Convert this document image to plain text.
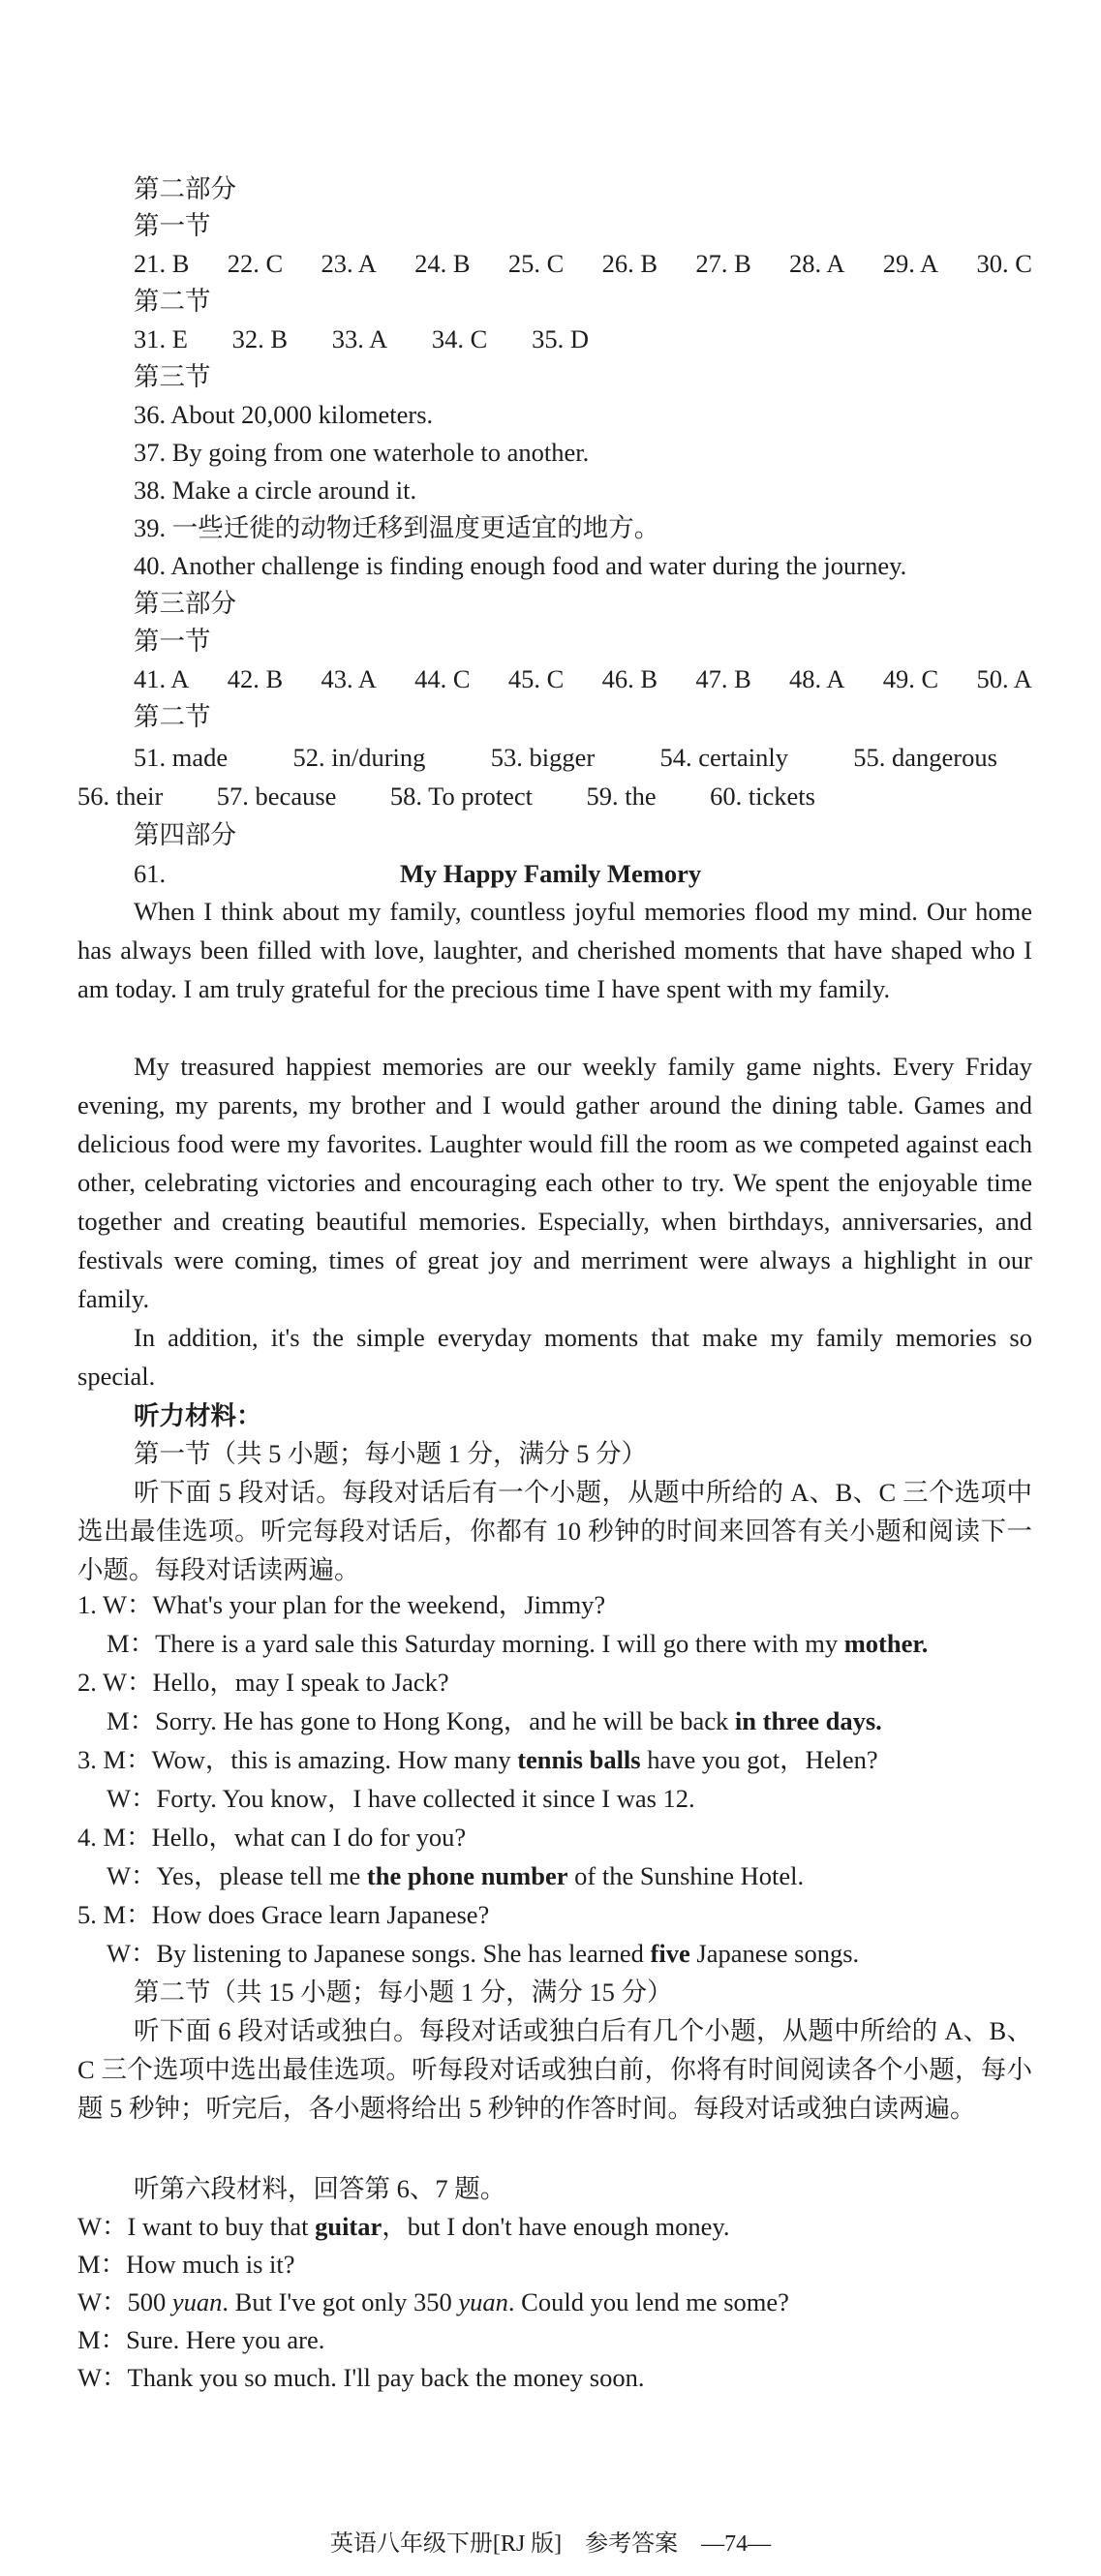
第二部分
第一节
21. B 22. C 23. A 24. B 25. C 26. B 27. B 28. A 29. A 30. C
第二节
31. E 32. B 33. A 34. C 35. D
第三节
36. About 20,000 kilometers.
37. By going from one waterhole to another.
38. Make a circle around it.
39. 一些迁徙的动物迁移到温度更适宜的地方。
40. Another challenge is finding enough food and water during the journey.
第三部分
第一节
41. A 42. B 43. A 44. C 45. C 46. B 47. B 48. A 49. C 50. A
第二节
51. made	52. in/during	53. bigger	54. certainly	55. dangerous
56. their 57. because 58. To protect 59. the 60. tickets
第四部分
61.	My Happy Family Memory
When I think about my family, countless joyful memories flood my mind. Our home has always been filled with love, laughter, and cherished moments that have shaped who I am today. I am truly grateful for the precious time I have spent with my family.
My treasured happiest memories are our weekly family game nights. Every Friday evening, my parents, my brother and I would gather around the dining table. Games and delicious food were my favorites. Laughter would fill the room as we competed against each other, celebrating victories and encouraging each other to try. We spent the enjoyable time together and creating beautiful memories. Especially, when birthdays, anniversaries, and festivals were coming, times of great joy and merriment were always a highlight in our family.
In addition, it's the simple everyday moments that make my family memories so special.
听力材料：
第一节（共 5 小题；每小题 1 分，满分 5 分）
听下面 5 段对话。每段对话后有一个小题，从题中所给的 A、B、C 三个选项中选出最佳选项。听完每段对话后，你都有 10 秒钟的时间来回答有关小题和阅读下一小题。每段对话读两遍。
1. W：What's your plan for the weekend，Jimmy?
M：There is a yard sale this Saturday morning. I will go there with my mother.
2. W：Hello，may I speak to Jack?
M：Sorry. He has gone to Hong Kong，and he will be back in three days.
3. M：Wow，this is amazing. How many tennis balls have you got，Helen?
W：Forty. You know，I have collected it since I was 12.
4. M：Hello，what can I do for you?
W：Yes，please tell me the phone number of the Sunshine Hotel.
5. M：How does Grace learn Japanese?
W：By listening to Japanese songs. She has learned five Japanese songs.
第二节（共 15 小题；每小题 1 分，满分 15 分）
听下面 6 段对话或独白。每段对话或独白后有几个小题，从题中所给的 A、B、C 三个选项中选出最佳选项。听每段对话或独白前，你将有时间阅读各个小题，每小题 5 秒钟；听完后，各小题将给出 5 秒钟的作答时间。每段对话或独白读两遍。
听第六段材料，回答第 6、7 题。
W：I want to buy that guitar，but I don't have enough money.
M：How much is it?
W：500 yuan. But I've got only 350 yuan. Could you lend me some?
M：Sure. Here you are.
W：Thank you so much. I'll pay back the money soon.
英语八年级下册[RJ 版]　参考答案　—74—
